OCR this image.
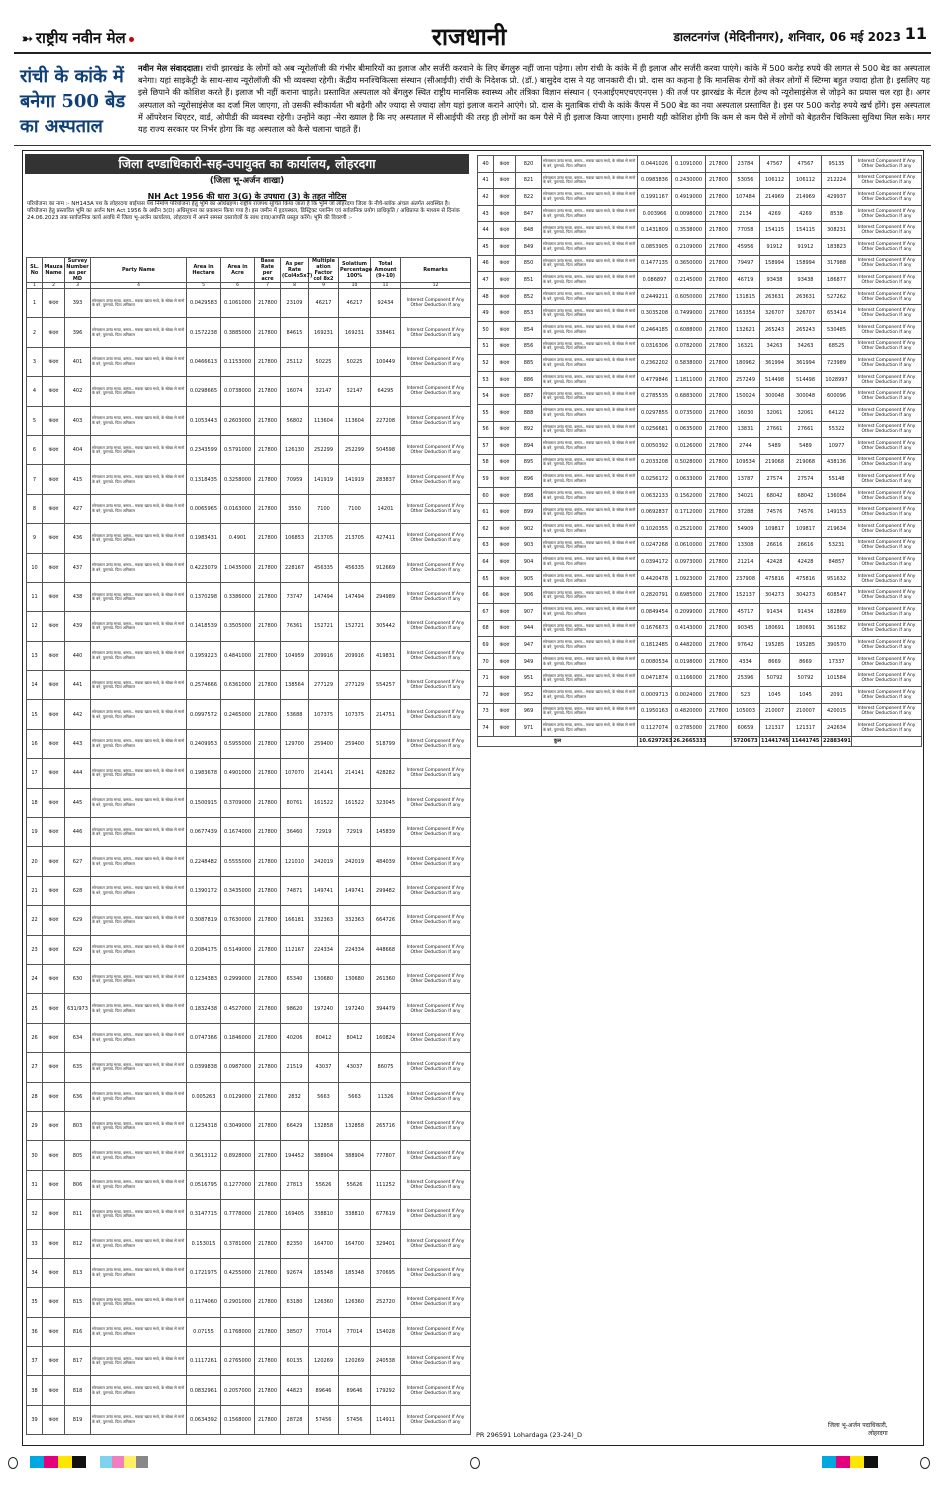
➳ राष्ट्रीय नवीन मेल	राजधानी	डालटनगंज (मेदिनीनगर), शनिवार, 06 मई 2023 11
रांची के कांके में बनेगा 500 बेड का अस्पताल
नवीन मेल संवाददाता। रांची झारखंड के लोगों को अब न्यूरोलॉजी की गंभीर बीमारियों का इलाज और सर्जरी करवाने के लिए बेंगलुरु नहीं जाना पड़ेगा। लोग रांची के कांके में ही इलाज और सर्जरी करवा पाएंगे। कांके में 500 करोड़ रुपये की लागत से 500 बेड का अस्पताल बनेगा। यहां साइकेट्री के साथ-साथ न्यूरोलॉजी की भी व्यवस्था रहेगी। केंद्रीय मनश्चिकित्सा संस्थान (सीआईपी) रांची के निदेशक प्रो. (डॉ.) बासुदेव दास ने यह जानकारी दी। प्रो. दास का कहना है कि मानसिक रोगों को लेकर लोगों में स्टिग्मा बहुत ज्यादा होता है। इसलिए यह इसे छिपाने की कोशिश करते हैं। इलाज भी नहीं कराना चाहते। प्रस्तावित अस्पताल को बेंगलुरु स्थित राष्ट्रीय मानसिक स्वास्थ्य और तंत्रिका विज्ञान संस्थान ( एनआईएमएचएएनएस ) की तर्ज पर झारखंड के मेंटल हेल्थ को न्यूरोसाइंसेज से जोड़ने का प्रयास चल रहा है। अगर अस्पताल को न्यूरोसाइंसेज का दर्जा मिल जाएगा, तो उसकी स्वीकार्यता भी बढ़ेगी और ज्यादा से ज्यादा लोग यहां इलाज कराने आएंगे। प्रो. दास के मुताबिक रांची के कांके कैंपस में 500 बेड का नया अस्पताल प्रस्तावित है। इस पर 500 करोड़ रुपये खर्च होंगे। इस अस्पताल में ऑपरेशन थिएटर, वार्ड, ओपीडी की व्यवस्था रहेगी। उन्होंने कहा -मेरा ख्याल है कि नए अस्पताल में सीआईपी की तरह ही लोगों का कम पैसे में ही इलाज किया जाएगा। हमारी यही कोशिश होगी कि कम से कम पैसे में लोगों को बेहतरीन चिकित्सा सुविधा मिल सके। मगर यह राज्य सरकार पर निर्भर होगा कि वह अस्पताल को कैसे चलाना चाहते हैं।
जिला दण्डाधिकारी-सह-उपायुक्त का कार्यालय, लोहरदगा
(जिला भू-अर्जन शाखा)
NH Act 1956 की धारा 3(G) के उपधारा (3) के तहत नोटिस
परियोजना का नाम :- NH143A पथ के लोहरदगा बाईपास पथ निर्माण परियोजना हेतु भूमि का अधिग्रहण। राष्ट्रीय राजपथ सूचित किया जाता है कि भूमि जो लोहरदगा जिला के नीचे-ब्लॉक अंचल अंतर्गत अवस्थित है। परियोजना हेतु प्रस्तावित भूमि का अर्जन NH Act 1956 के अधीन 3(D) अधिसूचना का प्रकाशन किया गया है। इस जमीन में हृदयस्थल, डिस्ट्रिक्ट प्लानिंग एवं सर्वजनिक प्रयोग प्राधिकृति / अधिप्राप्त के माध्यम से दिनांक 24.06.2023 तक सार्वजनिक कार्य अवधि में जिला भू-अर्जन कार्यालय, लोहरदगा में अपने समस्त दस्तावेजों के साथ दावा/आपत्ति प्रस्तुत करेंगे। भूमि की विवरणी :-
SL. No	Mauza Name	Survey Number as per MD	Party Name	Area in Hectare	Area in Acre	Base Rate per acre	As per Rate (Col4x5x7)	Multiple ation Factor col 8x2	Solatium Percentage 100%	Total Amount (9+10)	Remarks
1	2	3	4	5	6	7	8	9	10	11	12
1	कंदरा	393	सोनालाल उरांव मरवा, कमल-- मकवा खाता मध्ये, के स्वेच्छ से मानो के बने, पुरानावे- पिता अनिलाल	0.0429583	0.1061000	217800	23109	46217	46217	92434	Interest Component If Any Other Deduction If any
2	कंदरा	396	सोनालाल उरांव मरवा, कमल-- मकवा खाता मध्ये, के स्वेच्छ से मानो के बने, पुरानावे- पिता अनिलाल	0.1572238	0.3885000	217800	84615	169231	169231	338461	Interest Component If Any Other Deduction If any
3	कंदरा	401	सोनालाल उरांव मरवा, कमल-- मकवा खाता मध्ये, के स्वेच्छ से मानो के बने, पुरानावे- पिता अनिलाल	0.0466613	0.1153000	217800	25112	50225	50225	100449	Interest Component If Any Other Deduction If any
4	कंदरा	402	सोनालाल उरांव मरवा, कमल-- मकवा खाता मध्ये, के स्वेच्छ से मानो के बने, पुरानावे- पिता अनिलाल	0.0298665	0.0738000	217800	16074	32147	32147	64295	Interest Component If Any Other Deduction If any
5	कंदरा	403	सोनालाल उरांव मरवा, कमल-- मकवा खाता मध्ये, के स्वेच्छ से मानो के बने, पुरानावे- पिता अनिलाल	0.1053443	0.2603000	217800	56802	113604	113604	227208	Interest Component If Any Other Deduction If any
6	कंदरा	404	सोनालाल उरांव मरवा, कमल-- मकवा खाता मध्ये, के स्वेच्छ से मानो के बने, पुरानावे- पिता अनिलाल	0.2343599	0.5791000	217800	126130	252299	252299	504598	Interest Component If Any Other Deduction If any
7	कंदरा	415	सोनालाल उरांव मरवा, कमल-- मकवा खाता मध्ये, के स्वेच्छ से मानो के बने, पुरानावे- पिता अनिलाल	0.1318435	0.3258000	217800	70959	141919	141919	283837	Interest Component If Any Other Deduction If any
8	कंदरा	427	सोनालाल उरांव मरवा, कमल-- मकवा खाता मध्ये, के स्वेच्छ से मानो के बने, पुरानावे- पिता अनिलाल	0.0065965	0.0163000	217800	3550	7100	7100	14201	Interest Component If Any Other Deduction If any
9	कंदरा	436	सोनालाल उरांव मरवा, कमल-- मकवा खाता मध्ये, के स्वेच्छ से मानो के बने, पुरानावे- पिता अनिलाल	0.1983431	0.4901	217800	106853	213705	213705	427411	Interest Component If Any Other Deduction If any
10	कंदरा	437	सोनालाल उरांव मरवा, कमल-- मकवा खाता मध्ये, के स्वेच्छ से मानो के बने, पुरानावे- पिता अनिलाल	0.4223079	1.0435000	217800	228167	456335	456335	912669	Interest Component If Any Other Deduction If any
11	कंदरा	438	सोनालाल उरांव मरवा, कमल-- मकवा खाता मध्ये, के स्वेच्छ से मानो के बने, पुरानावे- पिता अनिलाल	0.1370298	0.3386000	217800	73747	147494	147494	294989	Interest Component If Any Other Deduction If any
12	कंदरा	439	सोनालाल उरांव मरवा, कमल-- मकवा खाता मध्ये, के स्वेच्छ से मानो के बने, पुरानावे- पिता अनिलाल	0.1418539	0.3505000	217800	76361	152721	152721	305442	Interest Component If Any Other Deduction If any
13	कंदरा	440	सोनालाल उरांव मरवा, कमल-- मकवा खाता मध्ये, के स्वेच्छ से मानो के बने, पुरानावे- पिता अनिलाल	0.1959223	0.4841000	217800	104959	209916	209916	419831	Interest Component If Any Other Deduction If any
14	कंदरा	441	सोनालाल उरांव मरवा, कमल-- मकवा खाता मध्ये, के स्वेच्छ से मानो के बने, पुरानावे- पिता अनिलाल	0.2574666	0.6361000	217800	138564	277129	277129	554257	Interest Component If Any Other Deduction If any
15	कंदरा	442	सोनालाल उरांव मरवा, कमल-- मकवा खाता मध्ये, के स्वेच्छ से मानो के बने, पुरानावे- पिता अनिलाल	0.0997572	0.2465000	217800	53688	107375	107375	214751	Interest Component If Any Other Deduction If any
16	कंदरा	443	सोनालाल उरांव मरवा, कमल-- मकवा खाता मध्ये, के स्वेच्छ से मानो के बने, पुरानावे- पिता अनिलाल	0.2409953	0.5955000	217800	129700	259400	259400	518799	Interest Component If Any Other Deduction If any
17	कंदरा	444	सोनालाल उरांव मरवा, कमल-- मकवा खाता मध्ये, के स्वेच्छ से मानो के बने, पुरानावे- पिता अनिलाल	0.1983678	0.4901000	217800	107070	214141	214141	428282	Interest Component If Any Other Deduction If any
18	कंदरा	445	सोनालाल उरांव मरवा, कमल-- मकवा खाता मध्ये, के स्वेच्छ से मानो के बने, पुरानावे- पिता अनिलाल	0.1500915	0.3709000	217800	80761	161522	161522	323045	Interest Component If Any Other Deduction If any
19	कंदरा	446	सोनालाल उरांव मरवा, कमल-- मकवा खाता मध्ये, के स्वेच्छ से मानो के बने, पुरानावे- पिता अनिलाल	0.0677439	0.1674000	217800	36460	72919	72919	145839	Interest Component If Any Other Deduction If any
20	कंदरा	627	सोनालाल उरांव मरवा, कमल-- मकवा खाता मध्ये, के स्वेच्छ से मानो के बने, पुरानावे- पिता अनिलाल	0.2248482	0.5555000	217800	121010	242019	242019	484039	Interest Component If Any Other Deduction If any
21	कंदरा	628	सोनालाल उरांव मरवा, कमल-- मकवा खाता मध्ये, के स्वेच्छ से मानो के बने, पुरानावे- पिता अनिलाल	0.1390172	0.3435000	217800	74871	149741	149741	299482	Interest Component If Any Other Deduction If any
22	कंदरा	629	सोनालाल उरांव मरवा, कमल-- मकवा खाता मध्ये, के स्वेच्छ से मानो के बने, पुरानावे- पिता अनिलाल	0.3087819	0.7630000	217800	166181	332363	332363	664726	Interest Component If Any Other Deduction If any
23	कंदरा	629	सोनालाल उरांव मरवा, कमल-- मकवा खाता मध्ये, के स्वेच्छ से मानो के बने, पुरानावे- पिता अनिलाल	0.2084175	0.5149000	217800	112167	224334	224334	448668	Interest Component If Any Other Deduction If any
24	कंदरा	630	सोनालाल उरांव मरवा, कमल-- मकवा खाता मध्ये, के स्वेच्छ से मानो के बने, पुरानावे- पिता अनिलाल	0.1234383	0.2999000	217800	65340	130680	130680	261360	Interest Component If Any Other Deduction If any
25	कंदरा	631/973	सोनालाल उरांव मरवा, कमल-- मकवा खाता मध्ये, के स्वेच्छ से मानो के बने, पुरानावे- पिता अनिलाल	0.1832438	0.4527000	217800	98620	197240	197240	394479	Interest Component If Any Other Deduction If any
26	कंदरा	634	सोनालाल उरांव मरवा, कमल-- मकवा खाता मध्ये, के स्वेच्छ से मानो के बने, पुरानावे- पिता अनिलाल	0.0747366	0.1846000	217800	40206	80412	80412	160824	Interest Component If Any Other Deduction If any
27	कंदरा	635	सोनालाल उरांव मरवा, कमल-- मकवा खाता मध्ये, के स्वेच्छ से मानो के बने, पुरानावे- पिता अनिलाल	0.0399838	0.0987000	217800	21519	43037	43037	86075	Interest Component If Any Other Deduction If any
28	कंदरा	636	सोनालाल उरांव मरवा, कमल-- मकवा खाता मध्ये, के स्वेच्छ से मानो के बने, पुरानावे- पिता अनिलाल	0.005263	0.0129000	217800	2832	5663	5663	11326	Interest Component If Any Other Deduction If any
29	कंदरा	803	सोनालाल उरांव मरवा, कमल-- मकवा खाता मध्ये, के स्वेच्छ से मानो के बने, पुरानावे- पिता अनिलाल	0.1234318	0.3049000	217800	66429	132858	132858	265716	Interest Component If Any Other Deduction If any
30	कंदरा	805	सोनालाल उरांव मरवा, कमल-- मकवा खाता मध्ये, के स्वेच्छ से मानो के बने, पुरानावे- पिता अनिलाल	0.3613112	0.8928000	217800	194452	388904	388904	777807	Interest Component If Any Other Deduction If any
31	कंदरा	806	सोनालाल उरांव मरवा, कमल-- मकवा खाता मध्ये, के स्वेच्छ से मानो के बने, पुरानावे- पिता अनिलाल	0.0516795	0.1277000	217800	27813	55626	55626	111252	Interest Component If Any Other Deduction If any
32	कंदरा	811	सोनालाल उरांव मरवा, कमल-- मकवा खाता मध्ये, के स्वेच्छ से मानो के बने, पुरानावे- पिता अनिलाल	0.3147715	0.7778000	217800	169405	338810	338810	677619	Interest Component If Any Other Deduction If any
33	कंदरा	812	सोनालाल उरांव मरवा, कमल-- मकवा खाता मध्ये, के स्वेच्छ से मानो के बने, पुरानावे- पिता अनिलाल	0.153015	0.3781000	217800	82350	164700	164700	329401	Interest Component If Any Other Deduction If any
34	कंदरा	813	सोनालाल उरांव मरवा, कमल-- मकवा खाता मध्ये, के स्वेच्छ से मानो के बने, पुरानावे- पिता अनिलाल	0.1721975	0.4255000	217800	92674	185348	185348	370695	Interest Component If Any Other Deduction If any
35	कंदरा	815	सोनालाल उरांव मरवा, कमल-- मकवा खाता मध्ये, के स्वेच्छ से मानो के बने, पुरानावे- पिता अनिलाल	0.1174060	0.2901000	217800	63180	126360	126360	252720	Interest Component If Any Other Deduction If any
36	कंदरा	816	सोनालाल उरांव मरवा, कमल-- मकवा खाता मध्ये, के स्वेच्छ से मानो के बने, पुरानावे- पिता अनिलाल	0.07155	0.1768000	217800	38507	77014	77014	154028	Interest Component If Any Other Deduction If any
37	कंदरा	817	सोनालाल उरांव मरवा, कमल-- मकवा खाता मध्ये, के स्वेच्छ से मानो के बने, पुरानावे- पिता अनिलाल	0.1117261	0.2765000	217800	60135	120269	120269	240538	Interest Component If Any Other Deduction If any
38	कंदरा	818	सोनालाल उरांव मरवा, कमल-- मकवा खाता मध्ये, के स्वेच्छ से मानो के बने, पुरानावे- पिता अनिलाल	0.0832961	0.2057000	217800	44823	89646	89646	179292	Interest Component If Any Other Deduction If any
39	कंदरा	819	सोनालाल उरांव मरवा, कमल-- मकवा खाता मध्ये, के स्वेच्छ से मानो के बने, पुरानावे- पिता अनिलाल	0.0634392	0.1568000	217800	28728	57456	57456	114911	Interest Component If Any Other Deduction If any
40	कंदरा	820	सोनालाल उरांव मरवा, कमल-- मकवा खाता मध्ये, के स्वेच्छ से मानो के बने, पुरानावे- पिता अनिलाल	0.0441026	0.1091000	217800	23784	47567	47567	95135	Interest Component If Any Other Deduction If any
41	कंदरा	821	सोनालाल उरांव मरवा, कमल-- मकवा खाता मध्ये, के स्वेच्छ से मानो के बने, पुरानावे- पिता अनिलाल	0.0983836	0.2430000	217800	53056	106112	106112	212224	Interest Component If Any Other Deduction If any
42	कंदरा	822	सोनालाल उरांव मरवा, कमल-- मकवा खाता मध्ये, के स्वेच्छ से मानो के बने, पुरानावे- पिता अनिलाल	0.1991167	0.4919000	217800	107484	214969	214969	429937	Interest Component If Any Other Deduction If any
43	कंदरा	847	सोनालाल उरांव मरवा, कमल-- मकवा खाता मध्ये, के स्वेच्छ से मानो के बने, पुरानावे- पिता अनिलाल	0.003966	0.0098000	217800	2134	4269	4269	8538	Interest Component If Any Other Deduction If any
44	कंदरा	848	सोनालाल उरांव मरवा, कमल-- मकवा खाता मध्ये, के स्वेच्छ से मानो के बने, पुरानावे- पिता अनिलाल	0.1431809	0.3538000	217800	77058	154115	154115	308231	Interest Component If Any Other Deduction If any
45	कंदरा	849	सोनालाल उरांव मरवा, कमल-- मकवा खाता मध्ये, के स्वेच्छ से मानो के बने, पुरानावे- पिता अनिलाल	0.0853905	0.2109000	217800	45956	91912	91912	183823	Interest Component If Any Other Deduction If any
46	कंदरा	850	सोनालाल उरांव मरवा, कमल-- मकवा खाता मध्ये, के स्वेच्छ से मानो के बने, पुरानावे- पिता अनिलाल	0.1477135	0.3650000	217800	79497	158994	158994	317988	Interest Component If Any Other Deduction If any
47	कंदरा	851	सोनालाल उरांव मरवा, कमल-- मकवा खाता मध्ये, के स्वेच्छ से मानो के बने, पुरानावे- पिता अनिलाल	0.086897	0.2145000	217800	46719	93438	93438	186877	Interest Component If Any Other Deduction If any
48	कंदरा	852	सोनालाल उरांव मरवा, कमल-- मकवा खाता मध्ये, के स्वेच्छ से मानो के बने, पुरानावे- पिता अनिलाल	0.2449211	0.6050000	217800	131815	263631	263631	527262	Interest Component If Any Other Deduction If any
49	कंदरा	853	सोनालाल उरांव मरवा, कमल-- मकवा खाता मध्ये, के स्वेच्छ से मानो के बने, पुरानावे- पिता अनिलाल	0.3035208	0.7499000	217800	163354	326707	326707	653414	Interest Component If Any Other Deduction If any
50	कंदरा	854	सोनालाल उरांव मरवा, कमल-- मकवा खाता मध्ये, के स्वेच्छ से मानो के बने, पुरानावे- पिता अनिलाल	0.2464185	0.6088000	217800	132621	265243	265243	530485	Interest Component If Any Other Deduction If any
51	कंदरा	856	सोनालाल उरांव मरवा, कमल-- मकवा खाता मध्ये, के स्वेच्छ से मानो के बने, पुरानावे- पिता अनिलाल	0.0316306	0.0782000	217800	16321	34263	34263	68525	Interest Component If Any Other Deduction If any
52	कंदरा	885	सोनालाल उरांव मरवा, कमल-- मकवा खाता मध्ये, के स्वेच्छ से मानो के बने, पुरानावे- पिता अनिलाल	0.2362202	0.5838000	217800	180962	361994	361994	723989	Interest Component If Any Other Deduction If any
53	कंदरा	886	सोनालाल उरांव मरवा, कमल-- मकवा खाता मध्ये, के स्वेच्छ से मानो के बने, पुरानावे- पिता अनिलाल	0.4779846	1.1811000	217800	257249	514498	514498	1028997	Interest Component If Any Other Deduction If any
54	कंदरा	887	सोनालाल उरांव मरवा, कमल-- मकवा खाता मध्ये, के स्वेच्छ से मानो के बने, पुरानावे- पिता अनिलाल	0.2785535	0.6883000	217800	150024	300048	300048	600096	Interest Component If Any Other Deduction If any
55	कंदरा	888	सोनालाल उरांव मरवा, कमल-- मकवा खाता मध्ये, के स्वेच्छ से मानो के बने, पुरानावे- पिता अनिलाल	0.0297855	0.0735000	217800	16030	32061	32061	64122	Interest Component If Any Other Deduction If any
56	कंदरा	892	सोनालाल उरांव मरवा, कमल-- मकवा खाता मध्ये, के स्वेच्छ से मानो के बने, पुरानावे- पिता अनिलाल	0.0256681	0.0635000	217800	13831	27661	27661	55322	Interest Component If Any Other Deduction If any
57	कंदरा	894	सोनालाल उरांव मरवा, कमल-- मकवा खाता मध्ये, के स्वेच्छ से मानो के बने, पुरानावे- पिता अनिलाल	0.0050392	0.0126000	217800	2744	5489	5489	10977	Interest Component If Any Other Deduction If any
58	कंदरा	895	सोनालाल उरांव मरवा, कमल-- मकवा खाता मध्ये, के स्वेच्छ से मानो के बने, पुरानावे- पिता अनिलाल	0.2033208	0.5028000	217800	109534	219068	219068	438136	Interest Component If Any Other Deduction If any
59	कंदरा	896	सोनालाल उरांव मरवा, कमल-- मकवा खाता मध्ये, के स्वेच्छ से मानो के बने, पुरानावे- पिता अनिलाल	0.0256172	0.0633000	217800	13787	27574	27574	55148	Interest Component If Any Other Deduction If any
60	कंदरा	898	सोनालाल उरांव मरवा, कमल-- मकवा खाता मध्ये, के स्वेच्छ से मानो के बने, पुरानावे- पिता अनिलाल	0.0632133	0.1562000	217800	34021	68042	68042	136084	Interest Component If Any Other Deduction If any
61	कंदरा	899	सोनालाल उरांव मरवा, कमल-- मकवा खाता मध्ये, के स्वेच्छ से मानो के बने, पुरानावे- पिता अनिलाल	0.0692837	0.1712000	217800	37288	74576	74576	149153	Interest Component If Any Other Deduction If any
62	कंदरा	902	सोनालाल उरांव मरवा, कमल-- मकवा खाता मध्ये, के स्वेच्छ से मानो के बने, पुरानावे- पिता अनिलाल	0.1020355	0.2521000	217800	54909	109817	109817	219634	Interest Component If Any Other Deduction If any
63	कंदरा	903	सोनालाल उरांव मरवा, कमल-- मकवा खाता मध्ये, के स्वेच्छ से मानो के बने, पुरानावे- पिता अनिलाल	0.0247268	0.0610000	217800	13308	26616	26616	53231	Interest Component If Any Other Deduction If any
64	कंदरा	904	सोनालाल उरांव मरवा, कमल-- मकवा खाता मध्ये, के स्वेच्छ से मानो के बने, पुरानावे- पिता अनिलाल	0.0394172	0.0973000	217800	21214	42428	42428	84857	Interest Component If Any Other Deduction If any
65	कंदरा	905	सोनालाल उरांव मरवा, कमल-- मकवा खाता मध्ये, के स्वेच्छ से मानो के बने, पुरानावे- पिता अनिलाल	0.4420478	1.0923000	217800	237908	475816	475816	951632	Interest Component If Any Other Deduction If any
66	कंदरा	906	सोनालाल उरांव मरवा, कमल-- मकवा खाता मध्ये, के स्वेच्छ से मानो के बने, पुरानावे- पिता अनिलाल	0.2820791	0.6985000	217800	152137	304273	304273	608547	Interest Component If Any Other Deduction If any
67	कंदरा	907	सोनालाल उरांव मरवा, कमल-- मकवा खाता मध्ये, के स्वेच्छ से मानो के बने, पुरानावे- पिता अनिलाल	0.0849454	0.2099000	217800	45717	91434	91434	182869	Interest Component If Any Other Deduction If any
68	कंदरा	944	सोनालाल उरांव मरवा, कमल-- मकवा खाता मध्ये, के स्वेच्छ से मानो के बने, पुरानावे- पिता अनिलाल	0.1676673	0.4143000	217800	90345	180691	180691	361382	Interest Component If Any Other Deduction If any
69	कंदरा	947	सोनालाल उरांव मरवा, कमल-- मकवा खाता मध्ये, के स्वेच्छ से मानो के बने, पुरानावे- पिता अनिलाल	0.1812485	0.4482000	217800	97642	195285	195285	390570	Interest Component If Any Other Deduction If any
70	कंदरा	949	सोनालाल उरांव मरवा, कमल-- मकवा खाता मध्ये, के स्वेच्छ से मानो के बने, पुरानावे- पिता अनिलाल	0.0080534	0.0198000	217800	4334	8669	8669	17337	Interest Component If Any Other Deduction If any
71	कंदरा	951	सोनालाल उरांव मरवा, कमल-- मकवा खाता मध्ये, के स्वेच्छ से मानो के बने, पुरानावे- पिता अनिलाल	0.0471874	0.1166000	217800	25396	50792	50792	101584	Interest Component If Any Other Deduction If any
72	कंदरा	952	सोनालाल उरांव मरवा, कमल-- मकवा खाता मध्ये, के स्वेच्छ से मानो के बने, पुरानावे- पिता अनिलाल	0.0009713	0.0024000	217800	523	1045	1045	2091	Interest Component If Any Other Deduction If any
73	कंदरा	969	सोनालाल उरांव मरवा, कमल-- मकवा खाता मध्ये, के स्वेच्छ से मानो के बने, पुरानावे- पिता अनिलाल	0.1950163	0.4820000	217800	105003	210007	210007	420015	Interest Component If Any Other Deduction If any
74	कंदरा	971	सोनालाल उरांव मरवा, कमल-- मकवा खाता मध्ये, के स्वेच्छ से मानो के बने, पुरानावे- पिता अनिलाल	0.1127074	0.2785000	217800	60659	121317	121317	242634	Interest Component If Any Other Deduction If any
कुल				10.6297263	26.2665333		5720673	11441745	11441745	22883491	
PR 296591 Lohardaga (23-24)_D
जिला भू-अर्जन पदाधिकारी,
लोहरदगा
